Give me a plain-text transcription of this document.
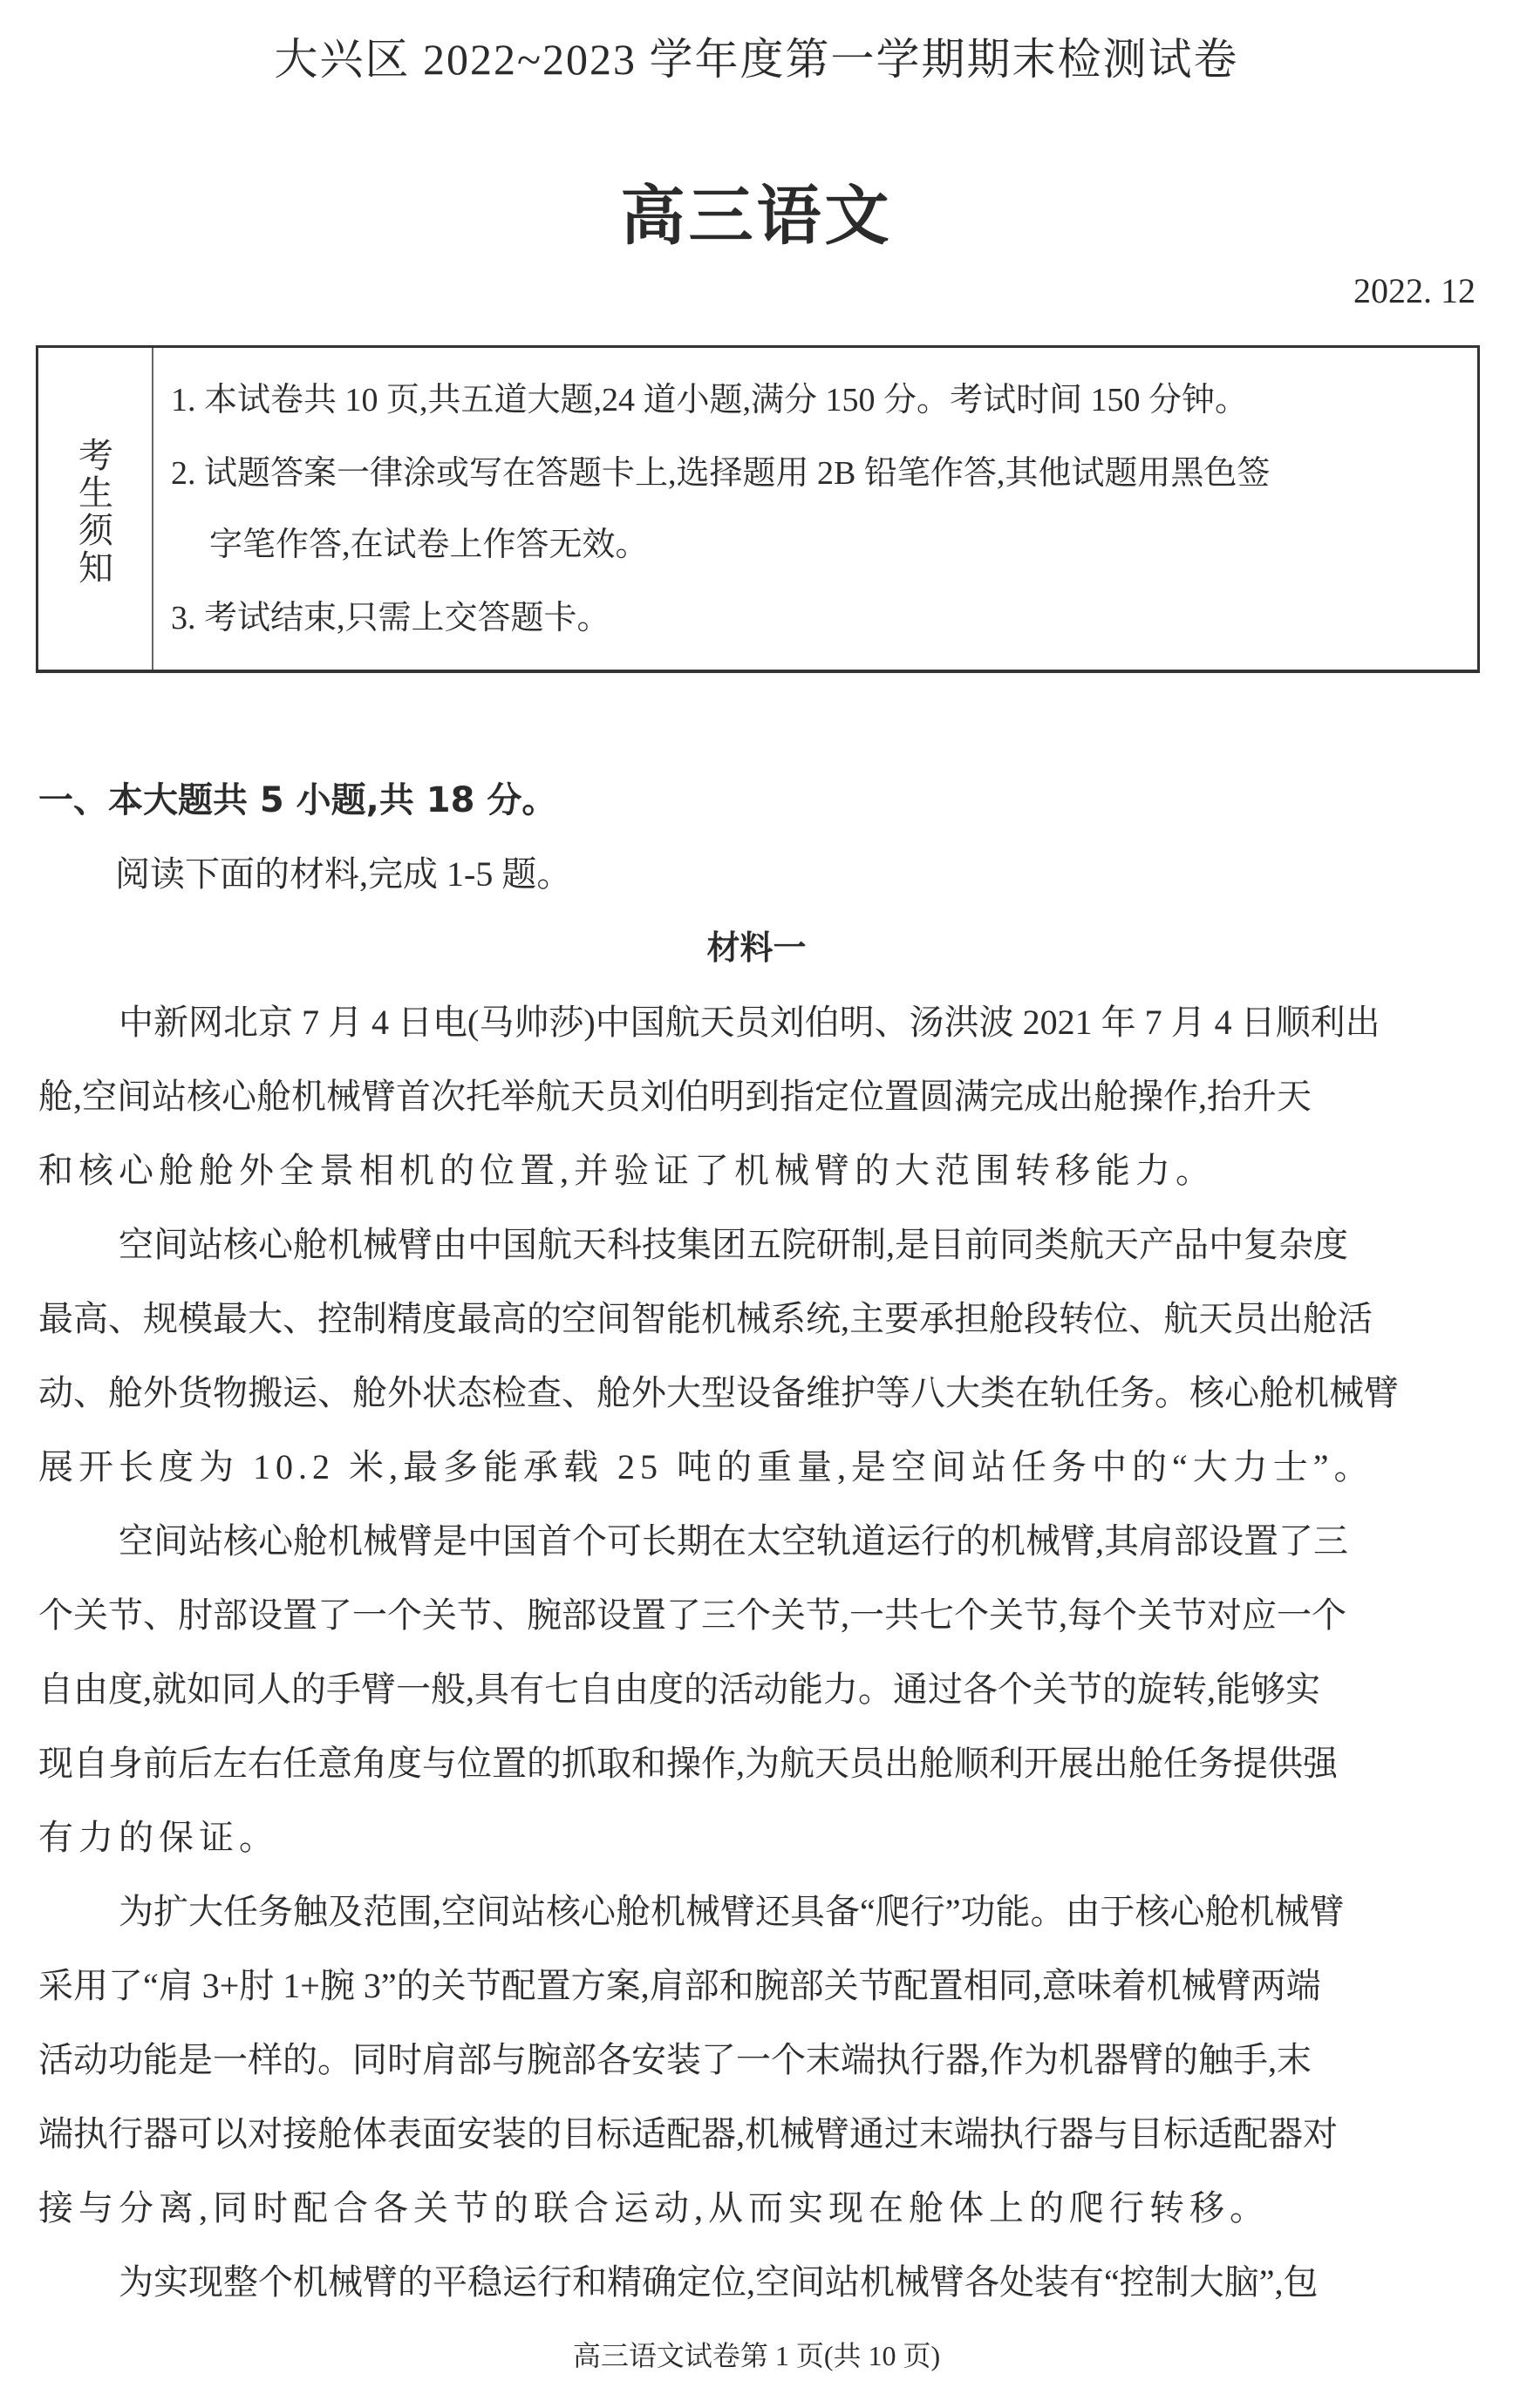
大兴区 2022~2023 学年度第一学期期末检测试卷
高三语文
2022. 12
考生须知
1. 本试卷共 10 页,共五道大题,24 道小题,满分 150 分。考试时间 150 分钟。
2. 试题答案一律涂或写在答题卡上,选择题用 2B 铅笔作答,其他试题用黑色签
字笔作答,在试卷上作答无效。
3. 考试结束,只需上交答题卡。
一、本大题共 5 小题,共 18 分。
阅读下面的材料,完成 1-5 题。
材料一
中新网北京 7 月 4 日电(马帅莎)中国航天员刘伯明、汤洪波 2021 年 7 月 4 日顺利出
舱,空间站核心舱机械臂首次托举航天员刘伯明到指定位置圆满完成出舱操作,抬升天
和核心舱舱外全景相机的位置,并验证了机械臂的大范围转移能力。
空间站核心舱机械臂由中国航天科技集团五院研制,是目前同类航天产品中复杂度
最高、规模最大、控制精度最高的空间智能机械系统,主要承担舱段转位、航天员出舱活
动、舱外货物搬运、舱外状态检查、舱外大型设备维护等八大类在轨任务。核心舱机械臂
展开长度为 10.2 米,最多能承载 25 吨的重量,是空间站任务中的“大力士”。
空间站核心舱机械臂是中国首个可长期在太空轨道运行的机械臂,其肩部设置了三
个关节、肘部设置了一个关节、腕部设置了三个关节,一共七个关节,每个关节对应一个
自由度,就如同人的手臂一般,具有七自由度的活动能力。通过各个关节的旋转,能够实
现自身前后左右任意角度与位置的抓取和操作,为航天员出舱顺利开展出舱任务提供强
有力的保证。
为扩大任务触及范围,空间站核心舱机械臂还具备“爬行”功能。由于核心舱机械臂
采用了“肩 3+肘 1+腕 3”的关节配置方案,肩部和腕部关节配置相同,意味着机械臂两端
活动功能是一样的。同时肩部与腕部各安装了一个末端执行器,作为机器臂的触手,末
端执行器可以对接舱体表面安装的目标适配器,机械臂通过末端执行器与目标适配器对
接与分离,同时配合各关节的联合运动,从而实现在舱体上的爬行转移。
为实现整个机械臂的平稳运行和精确定位,空间站机械臂各处装有“控制大脑”,包
高三语文试卷第 1 页(共 10 页)
